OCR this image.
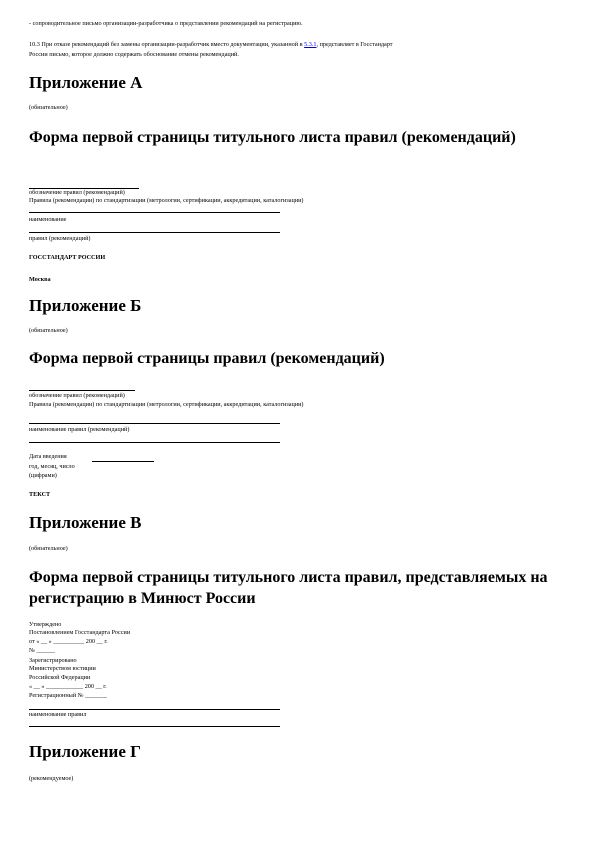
- сопроводительное письмо организации-разработчика о представлении рекомендаций на регистрацию.
10.3 При отказе рекомендаций без замены организации-разработчик вместо документации, указанной в 5.3.1, представляет в Госстандарт
России письмо, которое должно содержать обоснование отмены рекомендаций.
Приложение А
(обязательное)
Форма первой страницы титульного листа правил (рекомендаций)
обозначение правил (рекомендаций)
Правила (рекомендации) по стандартизации (метрологии, сертификации, аккредитации, каталогизации)
наименование
правил (рекомендаций)
ГОССТАНДАРТ РОССИИ
Москва
Приложение Б
(обязательное)
Форма первой страницы правил (рекомендаций)
обозначение правил (рекомендаций)
Правила (рекомендации) по стандартизации (метрологии, сертификации, аккредитации, каталогизации)
наименование правил (рекомендаций)
Дата введения
год, месяц, число
(цифрами)
ТЕКСТ
Приложение В
(обязательное)
Форма первой страницы титульного листа правил, представляемых на регистрацию в Минюст России
Утверждено
Постановлением Госстандарта России
от « __ » __________ 200 __ г.
№ ______
Зарегистрировано
Министерством юстиции
Российской Федерации
« __ » ____________ 200 __ г.
Регистрационный № _______
наименование правил
Приложение Г
(рекомендуемое)
